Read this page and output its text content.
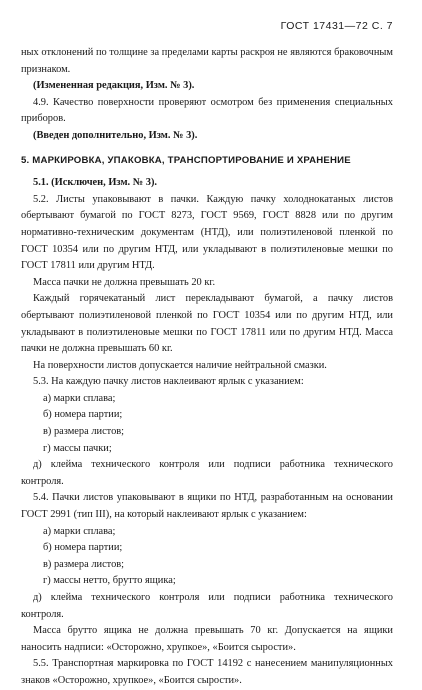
ГОСТ 17431—72 С. 7

ных отклонений по толщине за пределами карты раскроя не являются браковочным признаком.

(Измененная редакция, Изм. № 3).

4.9. Качество поверхности проверяют осмотром без применения специальных приборов.

(Введен дополнительно, Изм. № 3).

5. МАРКИРОВКА, УПАКОВКА, ТРАНСПОРТИРОВАНИЕ И ХРАНЕНИЕ

5.1. (Исключен, Изм. № 3).

5.2. Листы упаковывают в пачки. Каждую пачку холоднокатаных листов обертывают бумагой по ГОСТ 8273, ГОСТ 9569, ГОСТ 8828 или по другим нормативно-техническим документам (НТД), или полиэтиленовой пленкой по ГОСТ 10354 или по другим НТД, или укладывают в полиэтиленовые мешки по ГОСТ 17811 или другим НТД.

Масса пачки не должна превышать 20 кг.

Каждый горячекатаный лист перекладывают бумагой, а пачку листов обертывают полиэтиленовой пленкой по ГОСТ 10354 или по другим НТД, или укладывают в полиэтиленовые мешки по ГОСТ 17811 или по другим НТД. Масса пачки не должна превышать 60 кг.

На поверхности листов допускается наличие нейтральной смазки.

5.3. На каждую пачку листов наклеивают ярлык с указанием:

а) марки сплава;

б) номера партии;

в) размера листов;

г) массы пачки;

д) клейма технического контроля или подписи работника технического контроля.

5.4. Пачки листов упаковывают в ящики по НТД, разработанным на основании ГОСТ 2991 (тип III), на который наклеивают ярлык с указанием:

а) марки сплава;

б) номера партии;

в) размера листов;

г) массы нетто, брутто ящика;

д) клейма технического контроля или подписи работника технического контроля.

Масса брутто ящика не должна превышать 70 кг. Допускается на ящики наносить надписи: «Осторожно, хрупкое», «Боится сырости».

5.5. Транспортная маркировка по ГОСТ 14192 с нанесением манипуляционных знаков «Осторожно, хрупкое», «Боится сырости».
